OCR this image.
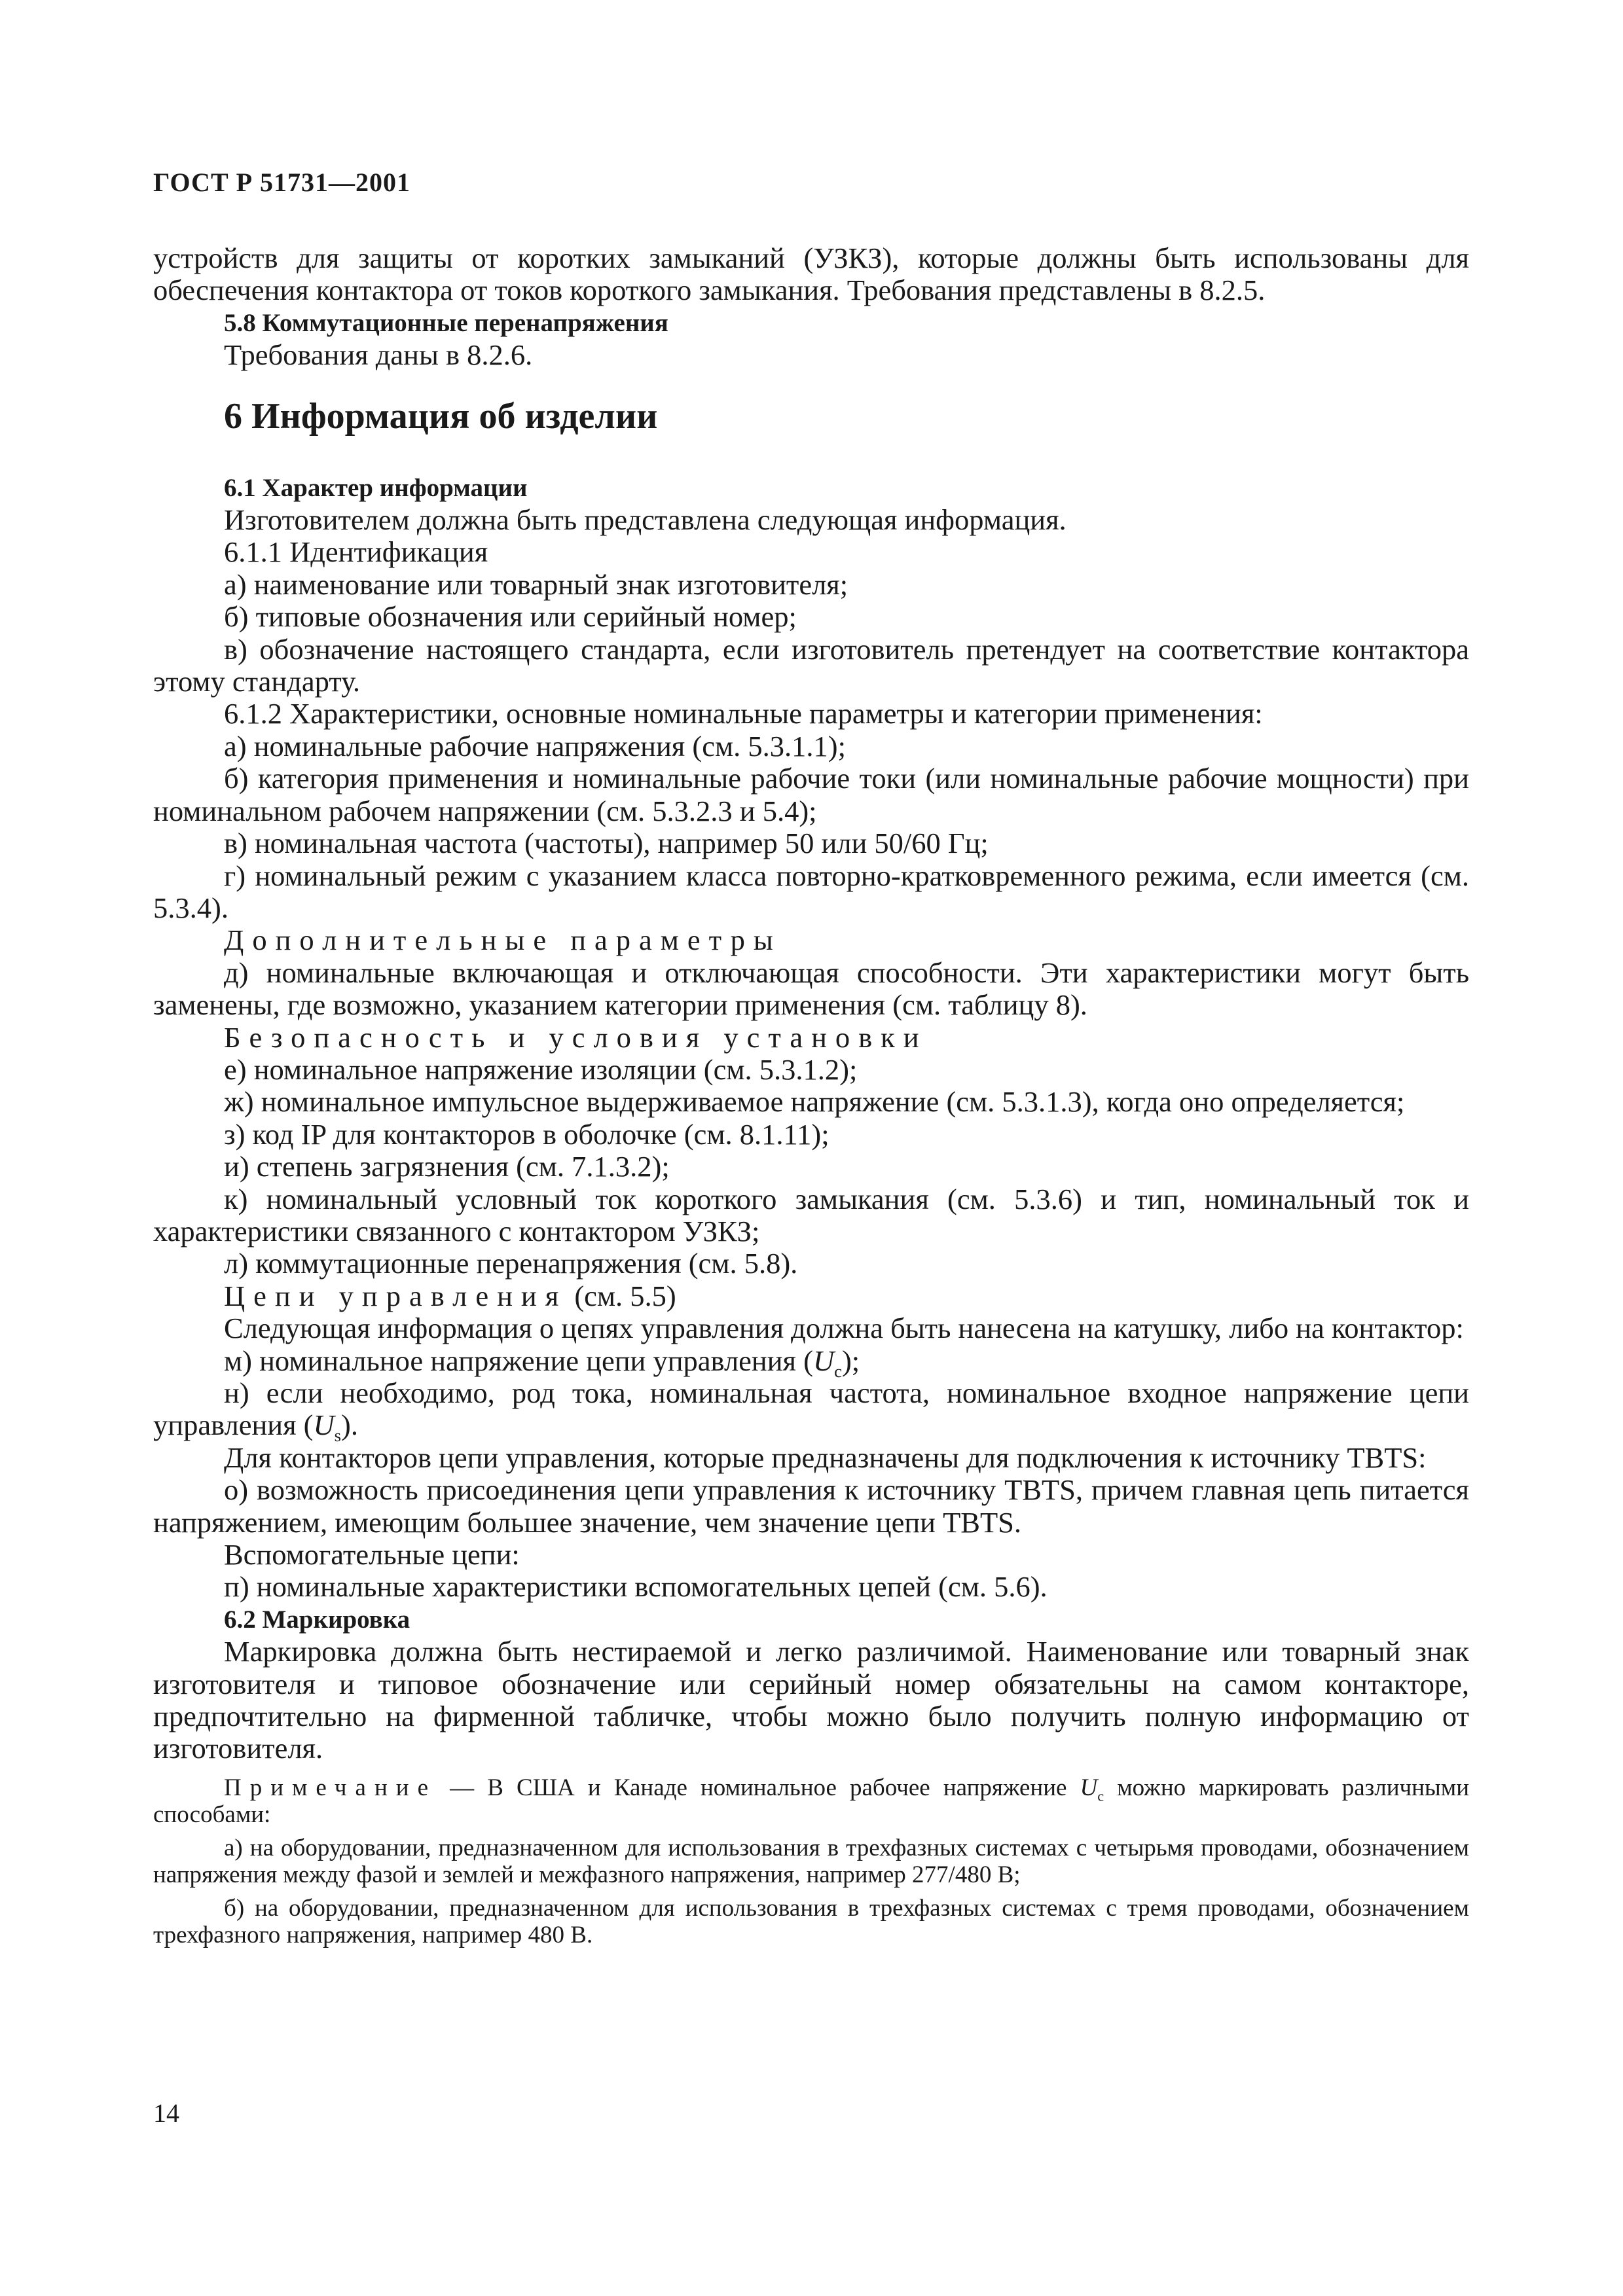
ГОСТ Р 51731—2001

устройств для защиты от коротких замыканий (УЗКЗ), которые должны быть использованы для обеспечения контактора от токов короткого замыкания. Требования представлены в 8.2.5.

5.8 Коммутационные перенапряжения

Требования даны в 8.2.6.

6 Информация об изделии

6.1 Характер информации

Изготовителем должна быть представлена следующая информация.

6.1.1 Идентификация

а) наименование или товарный знак изготовителя;

б) типовые обозначения или серийный номер;

в) обозначение настоящего стандарта, если изготовитель претендует на соответствие контактора этому стандарту.

6.1.2 Характеристики, основные номинальные параметры и категории применения:

а) номинальные рабочие напряжения (см. 5.3.1.1);

б) категория применения и номинальные рабочие токи (или номинальные рабочие мощности) при номинальном рабочем напряжении (см. 5.3.2.3 и 5.4);

в) номинальная частота (частоты), например 50 или 50/60 Гц;

г) номинальный режим с указанием класса повторно-кратковременного режима, если имеется (см. 5.3.4).

Дополнительные параметры

д) номинальные включающая и отключающая способности. Эти характеристики могут быть заменены, где возможно, указанием категории применения (см. таблицу 8).

Безопасность и условия установки

е) номинальное напряжение изоляции (см. 5.3.1.2);

ж) номинальное импульсное выдерживаемое напряжение (см. 5.3.1.3), когда оно определяется;

з) код IP для контакторов в оболочке (см. 8.1.11);

и) степень загрязнения (см. 7.1.3.2);

к) номинальный условный ток короткого замыкания (см. 5.3.6) и тип, номинальный ток и характеристики связанного с контактором УЗКЗ;

л) коммутационные перенапряжения (см. 5.8).

Цепи управления (см. 5.5)

Следующая информация о цепях управления должна быть нанесена на катушку, либо на контактор:

м) номинальное напряжение цепи управления $(U_c)$;

н) если необходимо, род тока, номинальная частота, номинальное входное напряжение цепи управления $(U_s)$.

Для контакторов цепи управления, которые предназначены для подключения к источнику TBTS:

о) возможность присоединения цепи управления к источнику TBTS, причем главная цепь питается напряжением, имеющим большее значение, чем значение цепи TBTS.

Вспомогательные цепи:

п) номинальные характеристики вспомогательных цепей (см. 5.6).

6.2 Маркировка

Маркировка должна быть нестираемой и легко различимой. Наименование или товарный знак изготовителя и типовое обозначение или серийный номер обязательны на самом контакторе, предпочтительно на фирменной табличке, чтобы можно было получить полную информацию от изготовителя.

Примечание — В США и Канаде номинальное рабочее напряжение $U_c$ можно маркировать различными способами:

а) на оборудовании, предназначенном для использования в трехфазных системах с четырьмя проводами, обозначением напряжения между фазой и землей и межфазного напряжения, например 277/480 В;

б) на оборудовании, предназначенном для использования в трехфазных системах с тремя проводами, обозначением трехфазного напряжения, например 480 В.

14
